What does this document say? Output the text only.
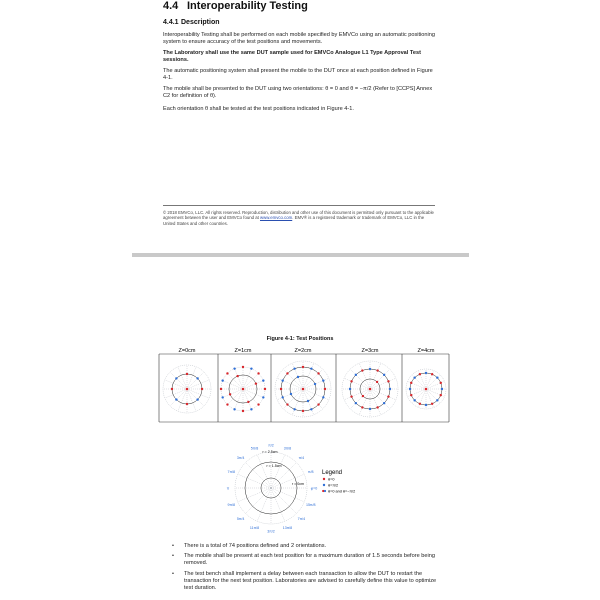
4.4 Interoperability Testing
4.4.1 Description

Interoperability Testing shall be performed on each mobile specified by EMVCo using an automatic positioning system to ensure accuracy of the test positions and movements.

The Laboratory shall use the same DUT sample used for EMVCo Analogue L1 Type Approval Test sessions.

The automatic positioning system shall present the mobile to the DUT once at each position defined in Figure 4-1.

The mobile shall be presented to the DUT using two orientations: θ = 0 and θ = −π/2 (Refer to [CCPS] Annex C2 for definition of θ).

Each orientation θ shall be tested at the test positions indicated in Figure 4-1.

© 2018 EMVCo, LLC. All rights reserved. Reproduction, distribution and other use of this document is permitted only pursuant to the applicable agreement between the user and EMVCo found at www.emvco.com. EMV® is a registered trademark or trademark of EMVCo, LLC in the United States and other countries.

Figure 4-1: Test Positions

Z=0cm	Z=1cm	Z=2cm	Z=3cm	Z=4cm
r = 0cm
r = 1.5cm
r = 2.5cm
Legend
θ=0
θ=π/2
θ=0 and θ=−π/2
π/2
5π/8
3π/4
7π/8
π
9π/8
5π/4
11π/8
3π/2
13π/8
7π/4
15π/8
φ=0
π/8
π/4
3π/8
• There is a total of 74 positions defined and 2 orientations.
• The mobile shall be present at each test position for a maximum duration of 1.5 seconds before being removed.
• The test bench shall implement a delay between each transaction to allow the DUT to restart the transaction for the next test position. Laboratories are advised to carefully define this value to optimize test duration.
